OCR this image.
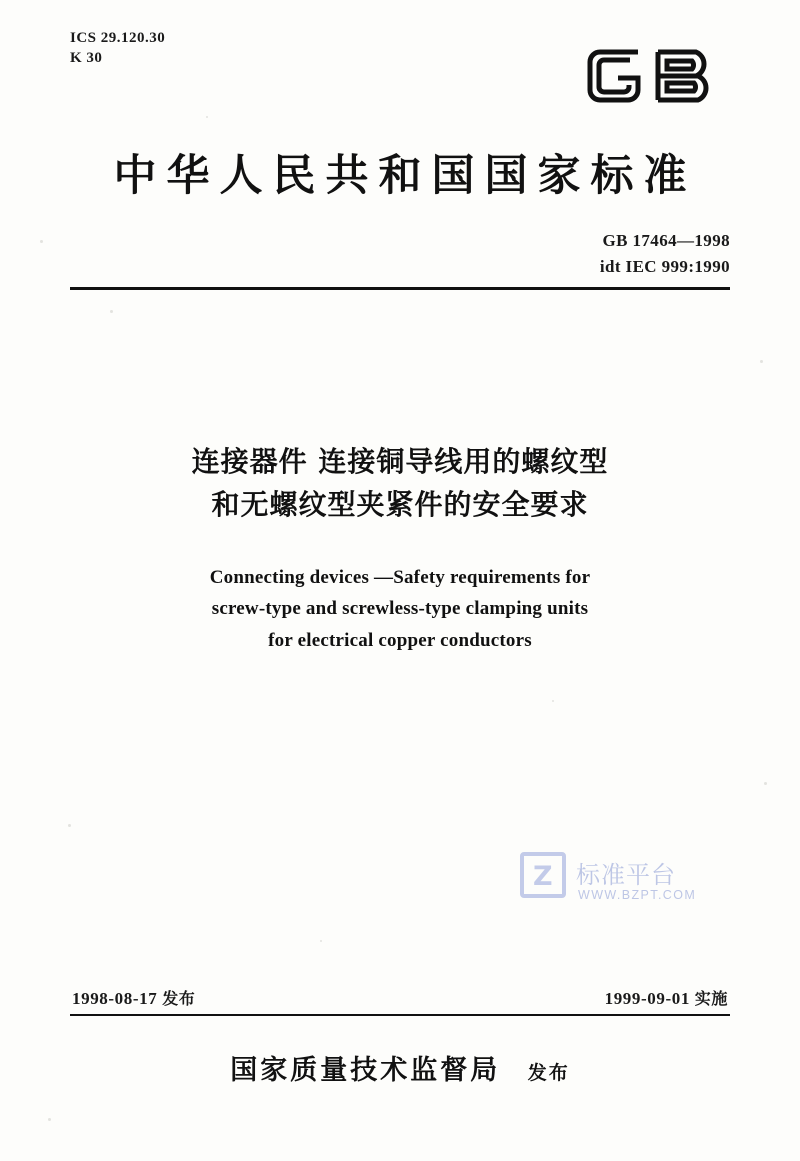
ICS 29.120.30
K 30
中华人民共和国国家标准
GB 17464—1998
idt IEC 999:1990
连接器件 连接铜导线用的螺纹型
和无螺纹型夹紧件的安全要求
Connecting devices —Safety requirements for
screw-type and screwless-type clamping units
for electrical copper conductors
Z 标准平台
WWW.BZPT.COM
1998-08-17 发布	1999-09-01 实施
国家质量技术监督局 发布
